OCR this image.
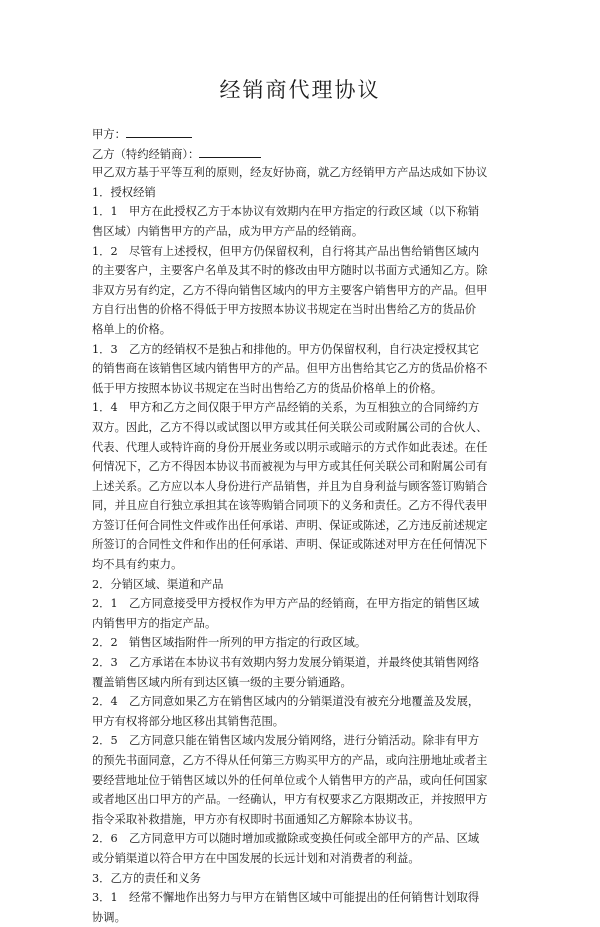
经销商代理协议
甲方：
乙方（特约经销商）：
甲乙双方基于平等互利的原则，经友好协商，就乙方经销甲方产品达成如下协议
1．授权经销
1．1　甲方在此授权乙方于本协议有效期内在甲方指定的行政区域（以下称销
售区域）内销售甲方的产品，成为甲方产品的经销商。
1．2　尽管有上述授权，但甲方仍保留权利，自行将其产品出售给销售区域内
的主要客户，主要客户名单及其不时的修改由甲方随时以书面方式通知乙方。除
非双方另有约定，乙方不得向销售区域内的甲方主要客户销售甲方的产品。但甲
方自行出售的价格不得低于甲方按照本协议书规定在当时出售给乙方的货品价
格单上的价格。
1．3　乙方的经销权不是独占和排他的。甲方仍保留权利，自行决定授权其它
的销售商在该销售区域内销售甲方的产品。但甲方出售给其它乙方的货品价格不
低于甲方按照本协议书规定在当时出售给乙方的货品价格单上的价格。
1．4　甲方和乙方之间仅限于甲方产品经销的关系，为互相独立的合同缔约方
双方。因此，乙方不得以或试图以甲方或其任何关联公司或附属公司的合伙人、
代表、代理人或特许商的身份开展业务或以明示或暗示的方式作如此表述。在任
何情况下，乙方不得因本协议书而被视为与甲方或其任何关联公司和附属公司有
上述关系。乙方应以本人身份进行产品销售，并且为自身利益与顾客签订购销合
同，并且应自行独立承担其在该等购销合同项下的义务和责任。乙方不得代表甲
方签订任何合同性文件或作出任何承诺、声明、保证或陈述，乙方违反前述规定
所签订的合同性文件和作出的任何承诺、声明、保证或陈述对甲方在任何情况下
均不具有约束力。
2．分销区域、渠道和产品
2．1　乙方同意接受甲方授权作为甲方产品的经销商，在甲方指定的销售区域
内销售甲方的指定产品。
2．2　销售区域指附件一所列的甲方指定的行政区域。
2．3　乙方承诺在本协议书有效期内努力发展分销渠道，并最终使其销售网络
覆盖销售区域内所有到达区镇一级的主要分销通路。
2．4　乙方同意如果乙方在销售区域内的分销渠道没有被充分地覆盖及发展，
甲方有权将部分地区移出其销售范围。
2．5　乙方同意只能在销售区域内发展分销网络，进行分销活动。除非有甲方
的预先书面同意，乙方不得从任何第三方购买甲方的产品，或向注册地址或者主
要经营地址位于销售区域以外的任何单位或个人销售甲方的产品，或向任何国家
或者地区出口甲方的产品。一经确认，甲方有权要求乙方限期改正，并按照甲方
指令采取补救措施，甲方亦有权即时书面通知乙方解除本协议书。
2．6　乙方同意甲方可以随时增加或撤除或变换任何或全部甲方的产品、区域
或分销渠道以符合甲方在中国发展的长远计划和对消费者的利益。
3．乙方的责任和义务
3．1　经常不懈地作出努力与甲方在销售区域中可能提出的任何销售计划取得
协调。
